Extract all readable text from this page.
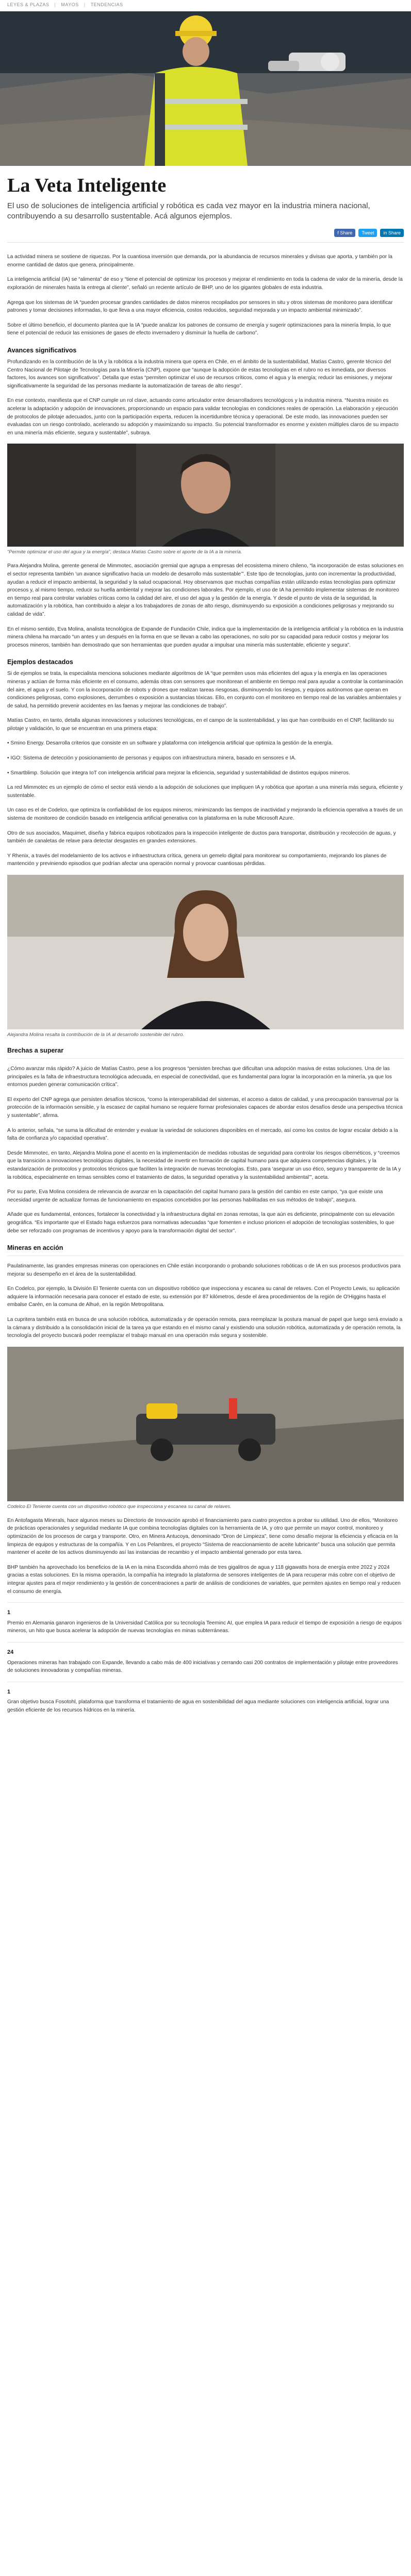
LEYES & PLAZAS | MAYOS | TENDENCIAS
La Veta Inteligente

El uso de soluciones de inteligencia artificial y robótica es cada vez mayor en la industria minera nacional, contribuyendo a su desarrollo sustentable. Acá algunos ejemplos.

f Share	Tweet	in Share

La actividad minera se sostiene de riquezas. Por la cuantiosa inversión que demanda, por la abundancia de recursos minerales y divisas que aporta, y también por la enorme cantidad de datos que genera, principalmente.

La inteligencia artificial (IA) se “alimenta” de eso y “tiene el potencial de optimizar los procesos y mejorar el rendimiento en toda la cadena de valor de la minería, desde la exploración de minerales hasta la entrega al cliente”, señaló un reciente artículo de BHP, uno de los gigantes globales de esta industria.

Agrega que los sistemas de IA “pueden procesar grandes cantidades de datos mineros recopilados por sensores in situ y otros sistemas de monitoreo para identificar patrones y tomar decisiones informadas, lo que lleva a una mayor eficiencia, costos reducidos, seguridad mejorada y un impacto ambiental minimizado”.

Sobre el último beneficio, el documento plantea que la IA “puede analizar los patrones de consumo de energía y sugerir optimizaciones para la minería limpia, lo que tiene el potencial de reducir las emisiones de gases de efecto invernadero y disminuir la huella de carbono”.

Avances significativos

Profundizando en la contribución de la IA y la robótica a la industria minera que opera en Chile, en el ámbito de la sustentabilidad, Matías Castro, gerente técnico del Centro Nacional de Pilotaje de Tecnologías para la Minería (CNP), expone que “aunque la adopción de estas tecnologías en el rubro no es inmediata, por diversos factores, los avances son significativos”. Detalla que estas “permiten optimizar el uso de recursos críticos, como el agua y la energía; reducir las emisiones, y mejorar significativamente la seguridad de las personas mediante la automatización de tareas de alto riesgo”.

En ese contexto, manifiesta que el CNP cumple un rol clave, actuando como articulador entre desarrolladores tecnológicos y la industria minera. “Nuestra misión es acelerar la adaptación y adopción de innovaciones, proporcionando un espacio para validar tecnologías en condiciones reales de operación. La elaboración y ejecución de protocolos de pilotaje adecuados, junto con la participación experta, reducen la incertidumbre técnica y operacional. De este modo, las innovaciones pueden ser evaluadas con un riesgo controlado, acelerando su adopción y maximizando su impacto. Su potencial transformador es enorme y existen múltiples claros de su impacto en una minería más eficiente, segura y sustentable”, subraya.

“Permite optimizar el uso del agua y la energía”, destaca Matías Castro sobre el aporte de la IA a la minería.

Para Alejandra Molina, gerente general de Mimmotec, asociación gremial que agrupa a empresas del ecosistema minero chileno, “la incorporación de estas soluciones en el sector representa también ‘un avance significativo hacia un modelo de desarrollo más sustentable’”. Este tipo de tecnologías, junto con incrementar la productividad, ayudan a reducir el impacto ambiental, la seguridad y la salud ocupacional. Hoy observamos que muchas compañías están utilizando estas tecnologías para optimizar procesos y, al mismo tiempo, reducir su huella ambiental y mejorar las condiciones laborales. Por ejemplo, el uso de IA ha permitido implementar sistemas de monitoreo en tiempo real para controlar variables críticas como la calidad del aire, el uso del agua y la gestión de la energía. Y desde el punto de vista de la seguridad, la automatización y la robótica, han contribuido a alejar a los trabajadores de zonas de alto riesgo, disminuyendo su exposición a condiciones peligrosas y mejorando su calidad de vida”.

En el mismo sentido, Eva Molina, analista tecnológica de Expande de Fundación Chile, indica que la implementación de la inteligencia artificial y la robótica en la industria minera chilena ha marcado “un antes y un después en la forma en que se llevan a cabo las operaciones, no solo por su capacidad para reducir costos y mejorar los procesos mineros, también han demostrado que son herramientas que pueden ayudar a impulsar una minería más sustentable, eficiente y segura”.

Ejemplos destacados

Si de ejemplos se trata, la especialista menciona soluciones mediante algoritmos de IA “que permiten usos más eficientes del agua y la energía en las operaciones mineras y actúan de forma más eficiente en el consumo, además otras con sensores que monitorean el ambiente en tiempo real para ayudar a controlar la contaminación del aire, el agua y el suelo. Y con la incorporación de robots y drones que realizan tareas riesgosas, disminuyendo los riesgos, y equipos autónomos que operan en condiciones peligrosas, como explosiones, derrumbes o exposición a sustancias tóxicas. Ello, en conjunto con el monitoreo en tiempo real de las variables ambientales y de salud, ha permitido prevenir accidentes en las faenas y mejorar las condiciones de trabajo”.

Matías Castro, en tanto, detalla algunas innovaciones y soluciones tecnológicas, en el campo de la sustentabilidad, y las que han contribuido en el CNP, facilitando su pilotaje y validación, lo que se encuentran en una primera etapa:

• Smino Energy. Desarrolla criterios que consiste en un software y plataforma con inteligencia artificial que optimiza la gestión de la energía.

• IGO: Sistema de detección y posicionamiento de personas y equipos con infraestructura minera, basado en sensores e IA.

• Smartblimp. Solución que integra IoT con inteligencia artificial para mejorar la eficiencia, seguridad y sustentabilidad de distintos equipos mineros.

La red Mimmotec es un ejemplo de cómo el sector está viendo a la adopción de soluciones que impliquen IA y robótica que aportan a una minería más segura, eficiente y sustentable.

Un caso es el de Codelco, que optimiza la confiabilidad de los equipos mineros, minimizando las tiempos de inactividad y mejorando la eficiencia operativa a través de un sistema de monitoreo de condición basado en inteligencia artificial generativa con la plataforma en la nube Microsoft Azure.

Otro de sus asociados, Maquimet, diseña y fabrica equipos robotizados para la inspección inteligente de ductos para transportar, distribución y recolección de aguas, y también de canaletas de relave para detectar desgastes en grandes extensiones.

Y Rhenix, a través del modelamiento de los activos e infraestructura crítica, genera un gemelo digital para monitorear su comportamiento, mejorando los planes de mantención y previniendo episodios que podrían afectar una operación normal y provocar cuantiosas pérdidas.

Alejandra Molina resalta la contribución de la IA al desarrollo sostenible del rubro.

Brechas a superar

¿Cómo avanzar más rápido? A juicio de Matías Castro, pese a los progresos “persisten brechas que dificultan una adopción masiva de estas soluciones. Una de las principales es la falta de infraestructura tecnológica adecuada, en especial de conectividad, que es fundamental para lograr la incorporación en la minería, ya que los entornos pueden generar comunicación crítica”.

El experto del CNP agrega que persisten desafíos técnicos, “como la interoperabilidad del sistemas, el acceso a datos de calidad, y una preocupación transversal por la protección de la información sensible, y la escasez de capital humano se requiere formar profesionales capaces de abordar estos desafíos desde una perspectiva técnica y sustentable”, afirma.

A lo anterior, señala, “se suma la dificultad de entender y evaluar la variedad de soluciones disponibles en el mercado, así como los costos de lograr escalar debido a la falta de confianza y/o capacidad operativa”.

Desde Mimmotec, en tanto, Alejandra Molina pone el acento en la implementación de medidas robustas de seguridad para controlar los riesgos cibernéticos, y “creemos que la transición a innovaciones tecnológicas digitales, la necesidad de invertir en formación de capital humano para que adquiera competencias digitales, y la estandarización de protocolos y protocolos técnicos que faciliten la integración de nuevas tecnologías. Esto, para ‘asegurar un uso ético, seguro y transparente de la IA y la robótica, especialmente en temas sensibles como el tratamiento de datos, la seguridad operativa y la sustentabilidad ambiental’”, aceta.

Por su parte, Eva Molina considera de relevancia de avanzar en la capacitación del capital humano para la gestión del cambio en este campo, “ya que existe una necesidad urgente de actualizar formas de funcionamiento en espacios concebidos por las personas habilitadas en sus métodos de trabajo”, asegura.

Añade que es fundamental, entonces, fortalecer la conectividad y la infraestructura digital en zonas remotas, la que aún es deficiente, principalmente con su elevación geográfica. “Es importante que el Estado haga esfuerzos para normativas adecuadas “que fomenten e incluso prioricen el adopción de tecnologías sostenibles, lo que debe ser reforzado con programas de incentivos y apoyo para la transformación digital del sector”.

Mineras en acción

Paulatinamente, las grandes empresas mineras con operaciones en Chile están incorporando o probando soluciones robóticas o de IA en sus procesos productivos para mejorar su desempeño en el área de la sustentabilidad.

En Codelco, por ejemplo, la División El Teniente cuenta con un dispositivo robótico que inspecciona y escanea su canal de relaves. Con el Proyecto Lewis, su aplicación adquiere la información necesaria para conocer el estado de este, su extensión por 87 kilómetros, desde el área procedimientos de la región de O'Higgins hasta el embalse Carén, en la comuna de Alhué, en la región Metropolitana.

La cupritera también está en busca de una solución robótica, automatizada y de operación remota, para reemplazar la postura manual de papel que luego será enviado a la cámara y distribuido a la consolidación inicial de la tarea ya que estando en el mismo canal y existiendo una solución robótica, automatizada y de operación remota, la tecnología del proyecto buscará poder reemplazar el trabajo manual en una operación más segura y sostenible.

Codelco El Teniente cuenta con un dispositivo robótico que inspecciona y escanea su canal de relaves.

En Antofagasta Minerals, hace algunos meses su Directorio de Innovación aprobó el financiamiento para cuatro proyectos a probar su utilidad. Uno de ellos, “Monitoreo de prácticas operacionales y seguridad mediante IA que combina tecnologías digitales con la herramienta de IA, y otro que permite un mayor control, monitoreo y optimización de los procesos de carga y transporte. Otro, en Minera Antucoya, denominado “Dron de Limpieza”, tiene como desafío mejorar la eficiencia y eficacia en la limpieza de equipos y estructuras de la compañía. Y en Los Pelambres, el proyecto “Sistema de reaccionamiento de aceite lubricante” busca una solución que permita mantener el aceite de los activos disminuyendo así las instancias de recambio y el impacto ambiental generado por esta tarea.

BHP también ha aprovechado los beneficios de la IA en la mina Escondida ahorró más de tres gigalitros de agua y 118 gigawatts hora de energía entre 2022 y 2024 gracias a estas soluciones. En la misma operación, la compañía ha integrado la plataforma de sensores inteligentes de IA para recuperar más cobre con el objetivo de integrar ajustes para el mejor rendimiento y la gestión de concentraciones a partir de análisis de condiciones de variables, que permiten ajustes en tiempo real y reducen el consumo de energía.

1

Premio en Alemania ganaron ingenieros de la Universidad Católica por su tecnología Teeminc AI, que emplea IA para reducir el tiempo de exposición a riesgo de equipos mineros, un hito que busca acelerar la adopción de nuevas tecnologías en minas subterráneas.

24

Operaciones mineras han trabajado con Expande, llevando a cabo más de 400 iniciativas y cerrando casi 200 contratos de implementación y pilotaje entre proveedores de soluciones innovadoras y compañías mineras.

1

Gran objetivo busca Fosotohl, plataforma que transforma el tratamiento de agua en sostenibilidad del agua mediante soluciones con inteligencia artificial, lograr una gestión eficiente de los recursos hídricos en la minería.
